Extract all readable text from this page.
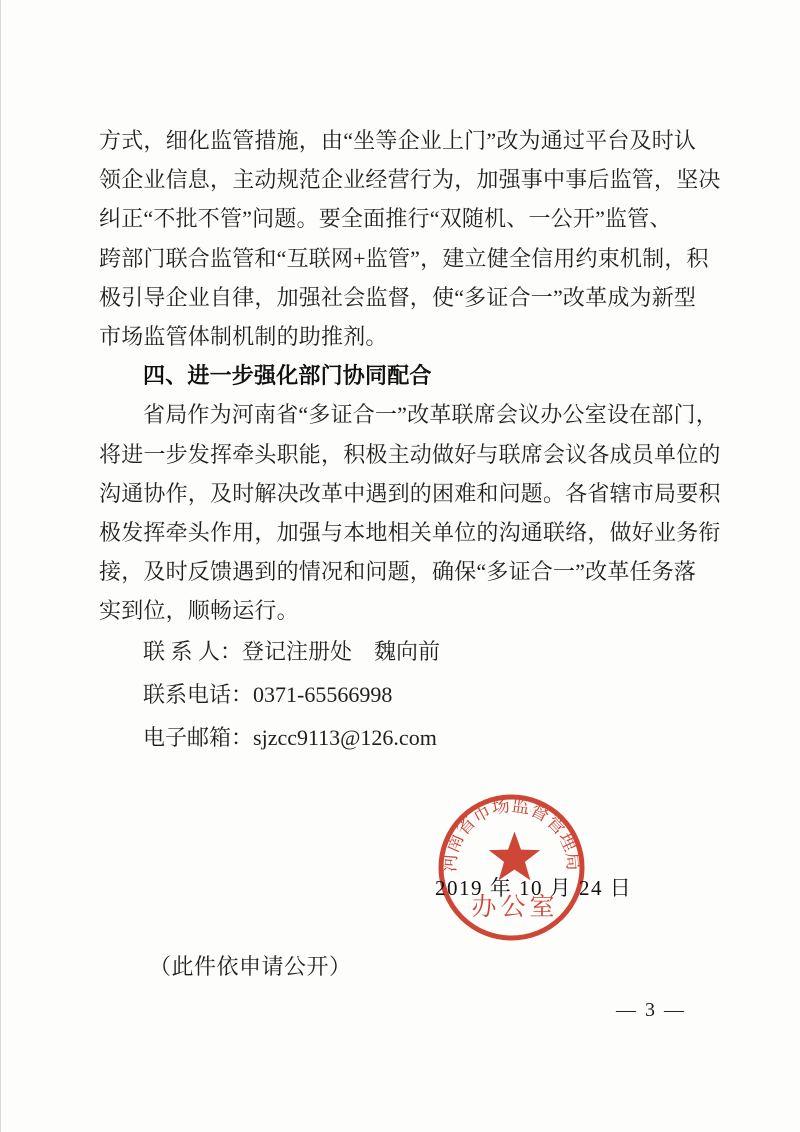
方式，细化监管措施，由“坐等企业上门”改为通过平台及时认
领企业信息，主动规范企业经营行为，加强事中事后监管，坚决
纠正“不批不管”问题。要全面推行“双随机、一公开”监管、
跨部门联合监管和“互联网+监管”，建立健全信用约束机制，积
极引导企业自律，加强社会监督，使“多证合一”改革成为新型
市场监管体制机制的助推剂。
四、进一步强化部门协同配合
省局作为河南省“多证合一”改革联席会议办公室设在部门，
将进一步发挥牵头职能，积极主动做好与联席会议各成员单位的
沟通协作，及时解决改革中遇到的困难和问题。各省辖市局要积
极发挥牵头作用，加强与本地相关单位的沟通联络，做好业务衔
接，及时反馈遇到的情况和问题，确保“多证合一”改革任务落
实到位，顺畅运行。
联 系 人：登记注册处　魏向前
联系电话：0371-65566998
电子邮箱：sjzcc9113@126.com
2019 年 10 月 24 日
河南省市场监督管理局
办公室
（此件依申请公开）
— 3 —
